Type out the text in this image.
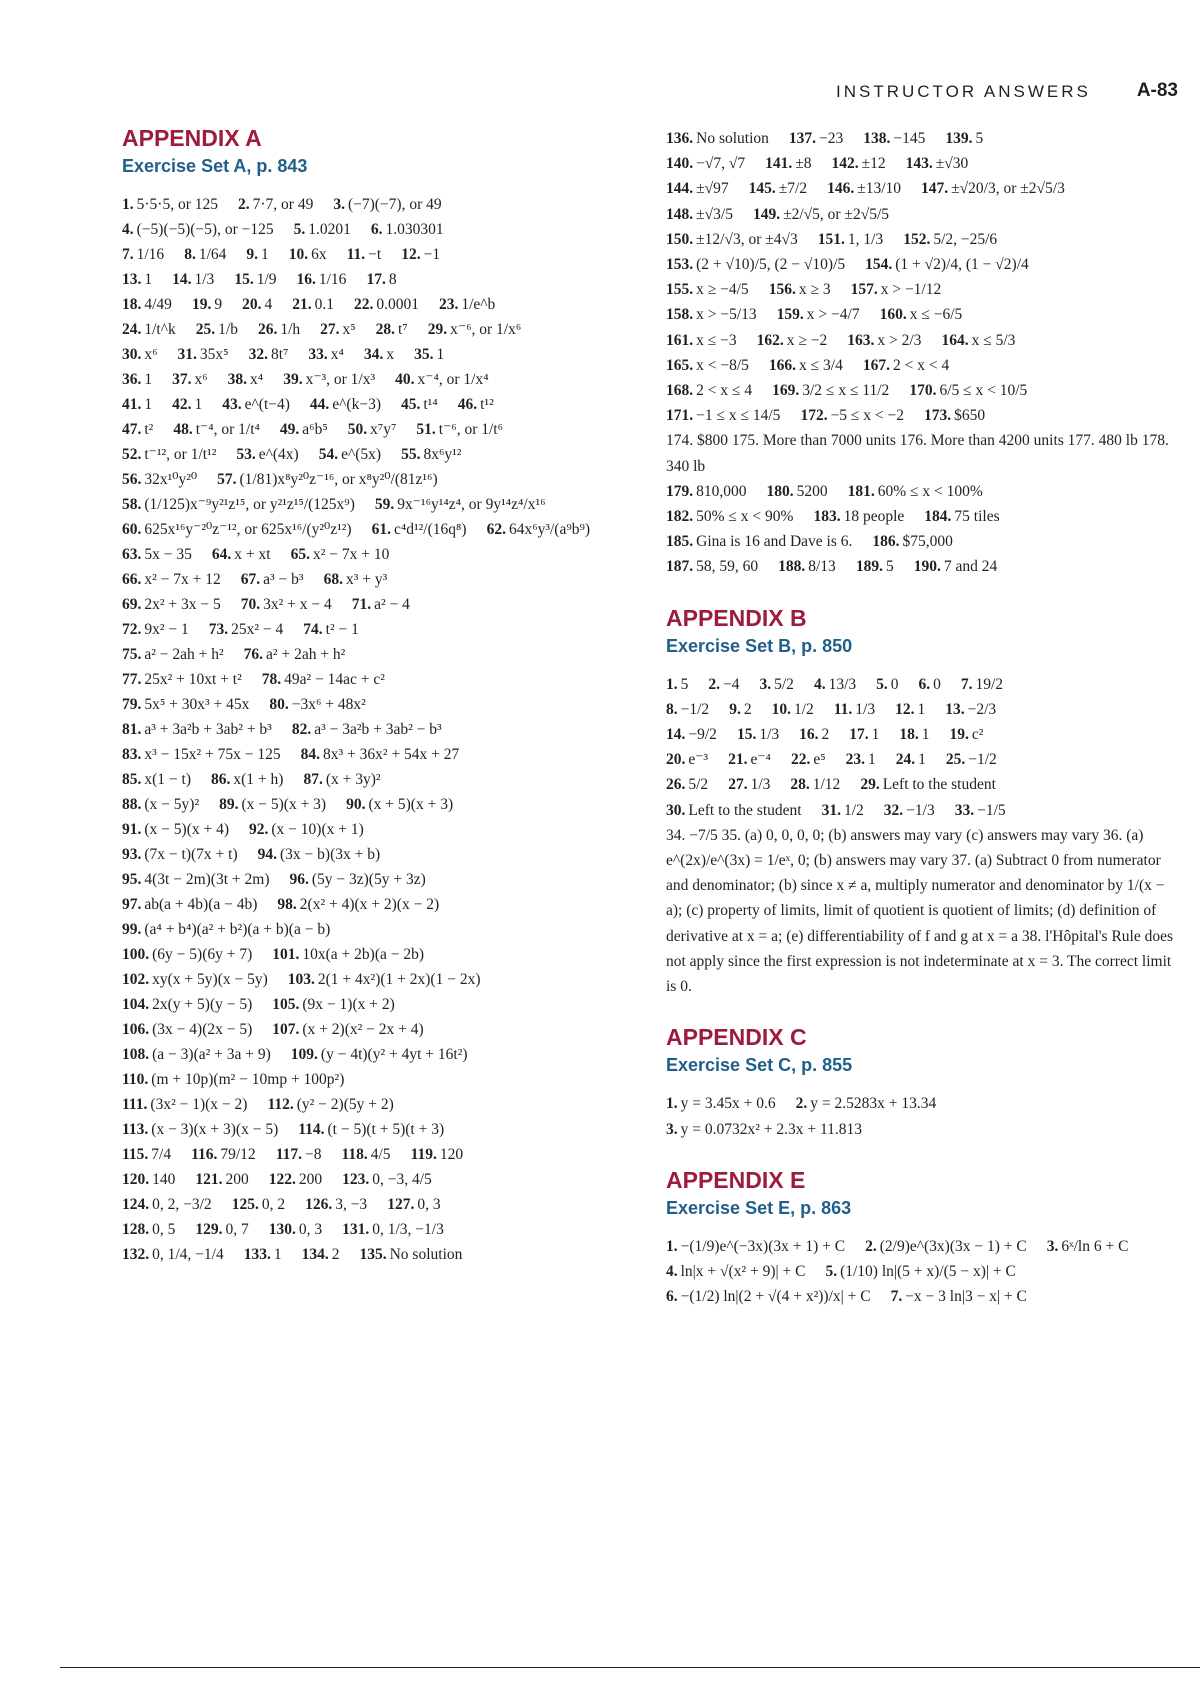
INSTRUCTOR ANSWERS A-83
APPENDIX A
Exercise Set A, p. 843
1. 5·5·5, or 125 2. 7·7, or 49 3. (−7)(−7), or 49
4. (−5)(−5)(−5), or −125 5. 1.0201 6. 1.030301
7. 1/16 8. 1/64 9. 1 10. 6x 11. −t 12. −1
13. 1 14. 1/3 15. 1/9 16. 1/16 17. 8
18. 4/49 19. 9 20. 4 21. 0.1 22. 0.0001 23. 1/e^b
24. 1/t^k 25. 1/b 26. 1/h 27. x⁵ 28. t⁷ 29. x⁻⁶, or 1/x⁶
30. x⁶ 31. 35x⁵ 32. 8t⁷ 33. x⁴ 34. x 35. 1
36. 1 37. x⁶ 38. x⁴ 39. x⁻³, or 1/x³ 40. x⁻⁴, or 1/x⁴
41. 1 42. 1 43. e^(t−4) 44. e^(k−3) 45. t¹⁴ 46. t¹²
47. t² 48. t⁻⁴, or 1/t⁴ 49. a⁶b⁵ 50. x⁷y⁷ 51. t⁻⁶, or 1/t⁶
52. t⁻¹², or 1/t¹² 53. e^(4x) 54. e^(5x) 55. 8x⁶y¹²
56. 32x¹⁰y²⁰ 57. (1/81)x⁸y²⁰z⁻¹⁶, or x⁸y²⁰/(81z¹⁶)
58. (1/125)x⁻⁹y²¹z¹⁵, or y²¹z¹⁵/(125x⁹) 59. 9x⁻¹⁶y¹⁴z⁴, or 9y¹⁴z⁴/x¹⁶
60. 625x¹⁶y⁻²⁰z⁻¹², or 625x¹⁶/(y²⁰z¹²) 61. c⁴d¹²/(16q⁸) 62. 64x⁶y³/(a⁹b⁹)
63. 5x − 35 64. x + xt 65. x² − 7x + 10
66. x² − 7x + 12 67. a³ − b³ 68. x³ + y³
69. 2x² + 3x − 5 70. 3x² + x − 4 71. a² − 4
72. 9x² − 1 73. 25x² − 4 74. t² − 1
75. a² − 2ah + h² 76. a² + 2ah + h²
77. 25x² + 10xt + t² 78. 49a² − 14ac + c²
79. 5x⁵ + 30x³ + 45x 80. −3x⁶ + 48x²
81. a³ + 3a²b + 3ab² + b³ 82. a³ − 3a²b + 3ab² − b³
83. x³ − 15x² + 75x − 125 84. 8x³ + 36x² + 54x + 27
85. x(1 − t) 86. x(1 + h) 87. (x + 3y)²
88. (x − 5y)² 89. (x − 5)(x + 3) 90. (x + 5)(x + 3)
91. (x − 5)(x + 4) 92. (x − 10)(x + 1)
93. (7x − t)(7x + t) 94. (3x − b)(3x + b)
95. 4(3t − 2m)(3t + 2m) 96. (5y − 3z)(5y + 3z)
97. ab(a + 4b)(a − 4b) 98. 2(x² + 4)(x + 2)(x − 2)
99. (a⁴ + b⁴)(a² + b²)(a + b)(a − b)
100. (6y − 5)(6y + 7) 101. 10x(a + 2b)(a − 2b)
102. xy(x + 5y)(x − 5y) 103. 2(1 + 4x²)(1 + 2x)(1 − 2x)
104. 2x(y + 5)(y − 5) 105. (9x − 1)(x + 2)
106. (3x − 4)(2x − 5) 107. (x + 2)(x² − 2x + 4)
108. (a − 3)(a² + 3a + 9) 109. (y − 4t)(y² + 4yt + 16t²)
110. (m + 10p)(m² − 10mp + 100p²)
111. (3x² − 1)(x − 2) 112. (y² − 2)(5y + 2)
113. (x − 3)(x + 3)(x − 5) 114. (t − 5)(t + 5)(t + 3)
115. 7/4 116. 79/12 117. −8 118. 4/5 119. 120
120. 140 121. 200 122. 200 123. 0, −3, 4/5
124. 0, 2, −3/2 125. 0, 2 126. 3, −3 127. 0, 3
128. 0, 5 129. 0, 7 130. 0, 3 131. 0, 1/3, −1/3
132. 0, 1/4, −1/4 133. 1 134. 2 135. No solution
136. No solution 137. −23 138. −145 139. 5
140. −√7, √7 141. ±8 142. ±12 143. ±√30
144. ±√97 145. ±7/2 146. ±13/10 147. ±√20/3, or ±2√5/3
148. ±√3/5 149. ±2/√5, or ±2√5/5
150. ±12/√3, or ±4√3 151. 1, 1/3 152. 5/2, −25/6
153. (2 + √10)/5, (2 − √10)/5 154. (1 + √2)/4, (1 − √2)/4
155. x ≥ −4/5 156. x ≥ 3 157. x > −1/12
158. x > −5/13 159. x > −4/7 160. x ≤ −6/5
161. x ≤ −3 162. x ≥ −2 163. x > 2/3 164. x ≤ 5/3
165. x < −8/5 166. x ≤ 3/4 167. 2 < x < 4
168. 2 < x ≤ 4 169. 3/2 ≤ x ≤ 11/2 170. 6/5 ≤ x < 10/5
171. −1 ≤ x ≤ 14/5 172. −5 ≤ x < −2 173. $650
174. $800 175. More than 7000 units 176. More than 4200 units 177. 480 lb 178. 340 lb
179. 810,000 180. 5200 181. 60% ≤ x < 100%
182. 50% ≤ x < 90% 183. 18 people 184. 75 tiles
185. Gina is 16 and Dave is 6. 186. $75,000
187. 58, 59, 60 188. 8/13 189. 5 190. 7 and 24
APPENDIX B
Exercise Set B, p. 850
1. 5 2. −4 3. 5/2 4. 13/3 5. 0 6. 0 7. 19/2
8. −1/2 9. 2 10. 1/2 11. 1/3 12. 1 13. −2/3
14. −9/2 15. 1/3 16. 2 17. 1 18. 1 19. c²
20. e⁻³ 21. e⁻⁴ 22. e⁵ 23. 1 24. 1 25. −1/2
26. 5/2 27. 1/3 28. 1/12 29. Left to the student
30. Left to the student 31. 1/2 32. −1/3 33. −1/5
34. −7/5 35. (a) 0, 0, 0, 0; (b) answers may vary (c) answers may vary 36. (a) e^(2x)/e^(3x) = 1/eˣ, 0; (b) answers may vary 37. (a) Subtract 0 from numerator and denominator; (b) since x ≠ a, multiply numerator and denominator by 1/(x − a); (c) property of limits, limit of quotient is quotient of limits; (d) definition of derivative at x = a; (e) differentiability of f and g at x = a 38. l'Hôpital's Rule does not apply since the first expression is not indeterminate at x = 3. The correct limit is 0.
APPENDIX C
Exercise Set C, p. 855
1. y = 3.45x + 0.6 2. y = 2.5283x + 13.34
3. y = 0.0732x² + 2.3x + 11.813
APPENDIX E
Exercise Set E, p. 863
1. −(1/9)e^(−3x)(3x + 1) + C 2. (2/9)e^(3x)(3x − 1) + C 3. 6ˣ/ln 6 + C
4. ln|x + √(x² + 9)| + C 5. (1/10) ln|(5 + x)/(5 − x)| + C
6. −(1/2) ln|(2 + √(4 + x²))/x| + C 7. −x − 3 ln|3 − x| + C
